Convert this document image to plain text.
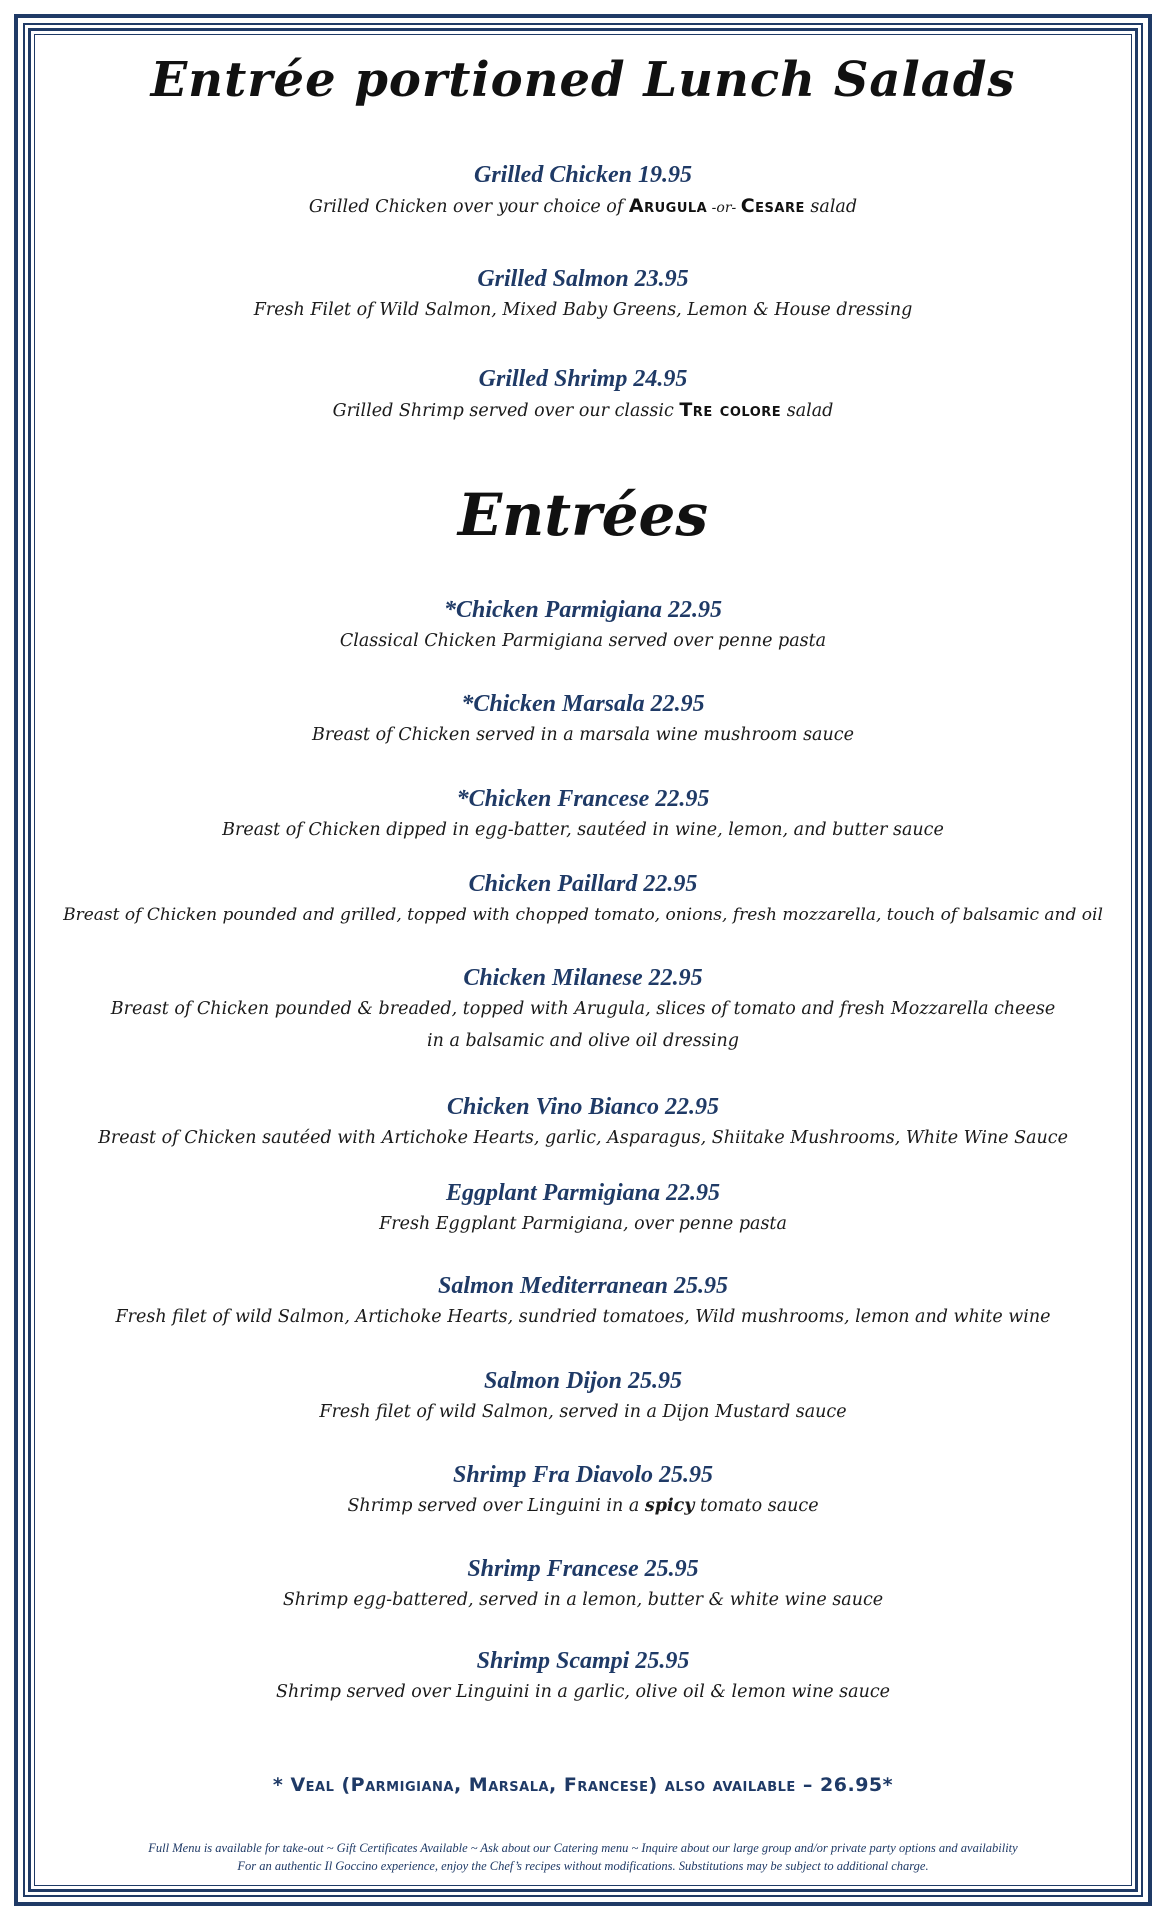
Entrée portioned Lunch Salads
Grilled Chicken 19.95
Grilled Chicken over your choice of Arugula -or- Cesare salad
Grilled Salmon 23.95
Fresh Filet of Wild Salmon, Mixed Baby Greens, Lemon & House dressing
Grilled Shrimp 24.95
Grilled Shrimp served over our classic Tre colore salad
Entrées
*Chicken Parmigiana 22.95
Classical Chicken Parmigiana served over penne pasta
*Chicken Marsala 22.95
Breast of Chicken served in a marsala wine mushroom sauce
*Chicken Francese 22.95
Breast of Chicken dipped in egg-batter, sautéed in wine, lemon, and butter sauce
Chicken Paillard 22.95
Breast of Chicken pounded and grilled, topped with chopped tomato, onions, fresh mozzarella, touch of balsamic and oil
Chicken Milanese 22.95
Breast of Chicken pounded & breaded, topped with Arugula, slices of tomato and fresh Mozzarella cheese
in a balsamic and olive oil dressing
Chicken Vino Bianco 22.95
Breast of Chicken sautéed with Artichoke Hearts, garlic, Asparagus, Shiitake Mushrooms, White Wine Sauce
Eggplant Parmigiana 22.95
Fresh Eggplant Parmigiana, over penne pasta
Salmon Mediterranean 25.95
Fresh filet of wild Salmon, Artichoke Hearts, sundried tomatoes, Wild mushrooms, lemon and white wine
Salmon Dijon 25.95
Fresh filet of wild Salmon, served in a Dijon Mustard sauce
Shrimp Fra Diavolo 25.95
Shrimp served over Linguini in a spicy tomato sauce
Shrimp Francese 25.95
Shrimp egg-battered, served in a lemon, butter & white wine sauce
Shrimp Scampi 25.95
Shrimp served over Linguini in a garlic, olive oil & lemon wine sauce
* Veal (Parmigiana, Marsala, Francese) also available – 26.95*
Full Menu is available for take-out ~ Gift Certificates Available ~ Ask about our Catering menu ~ Inquire about our large group and/or private party options and availability
For an authentic Il Goccino experience, enjoy the Chef’s recipes without modifications. Substitutions may be subject to additional charge.
